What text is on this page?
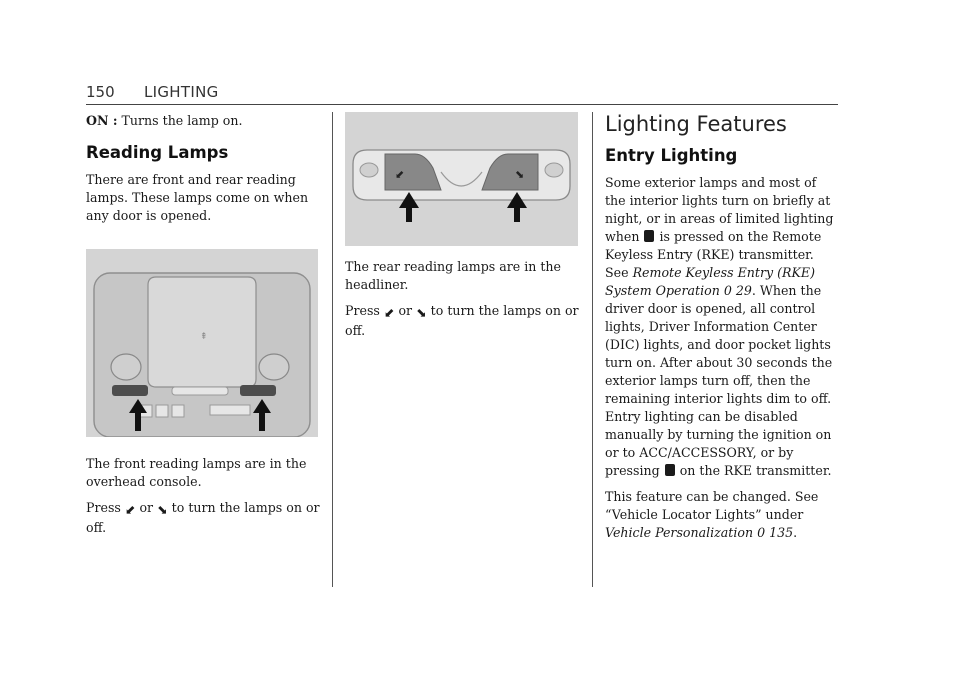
150 LIGHTING

ON : Turns the lamp on.

Reading Lamps

There are front and rear reading lamps. These lamps come on when any door is opened.

⇞

The front reading lamps are in the overhead console.

Press ⬋ or ⬊ to turn the lamps on or off.

⬋	⬊

The rear reading lamps are in the headliner.

Press ⬋ or ⬊ to turn the lamps on or off.

Lighting Features
Entry Lighting

Some exterior lamps and most of the interior lights turn on briefly at night, or in areas of limited lighting when is pressed on the Remote Keyless Entry (RKE) transmitter. See Remote Keyless Entry (RKE) System Operation 0 29. When the driver door is opened, all control lights, Driver Information Center (DIC) lights, and door pocket lights turn on. After about 30 seconds the exterior lamps turn off, then the remaining interior lights dim to off. Entry lighting can be disabled manually by turning the ignition on or to ACC/ACCESSORY, or by pressing on the RKE transmitter.

This feature can be changed. See “Vehicle Locator Lights” under Vehicle Personalization 0 135.
